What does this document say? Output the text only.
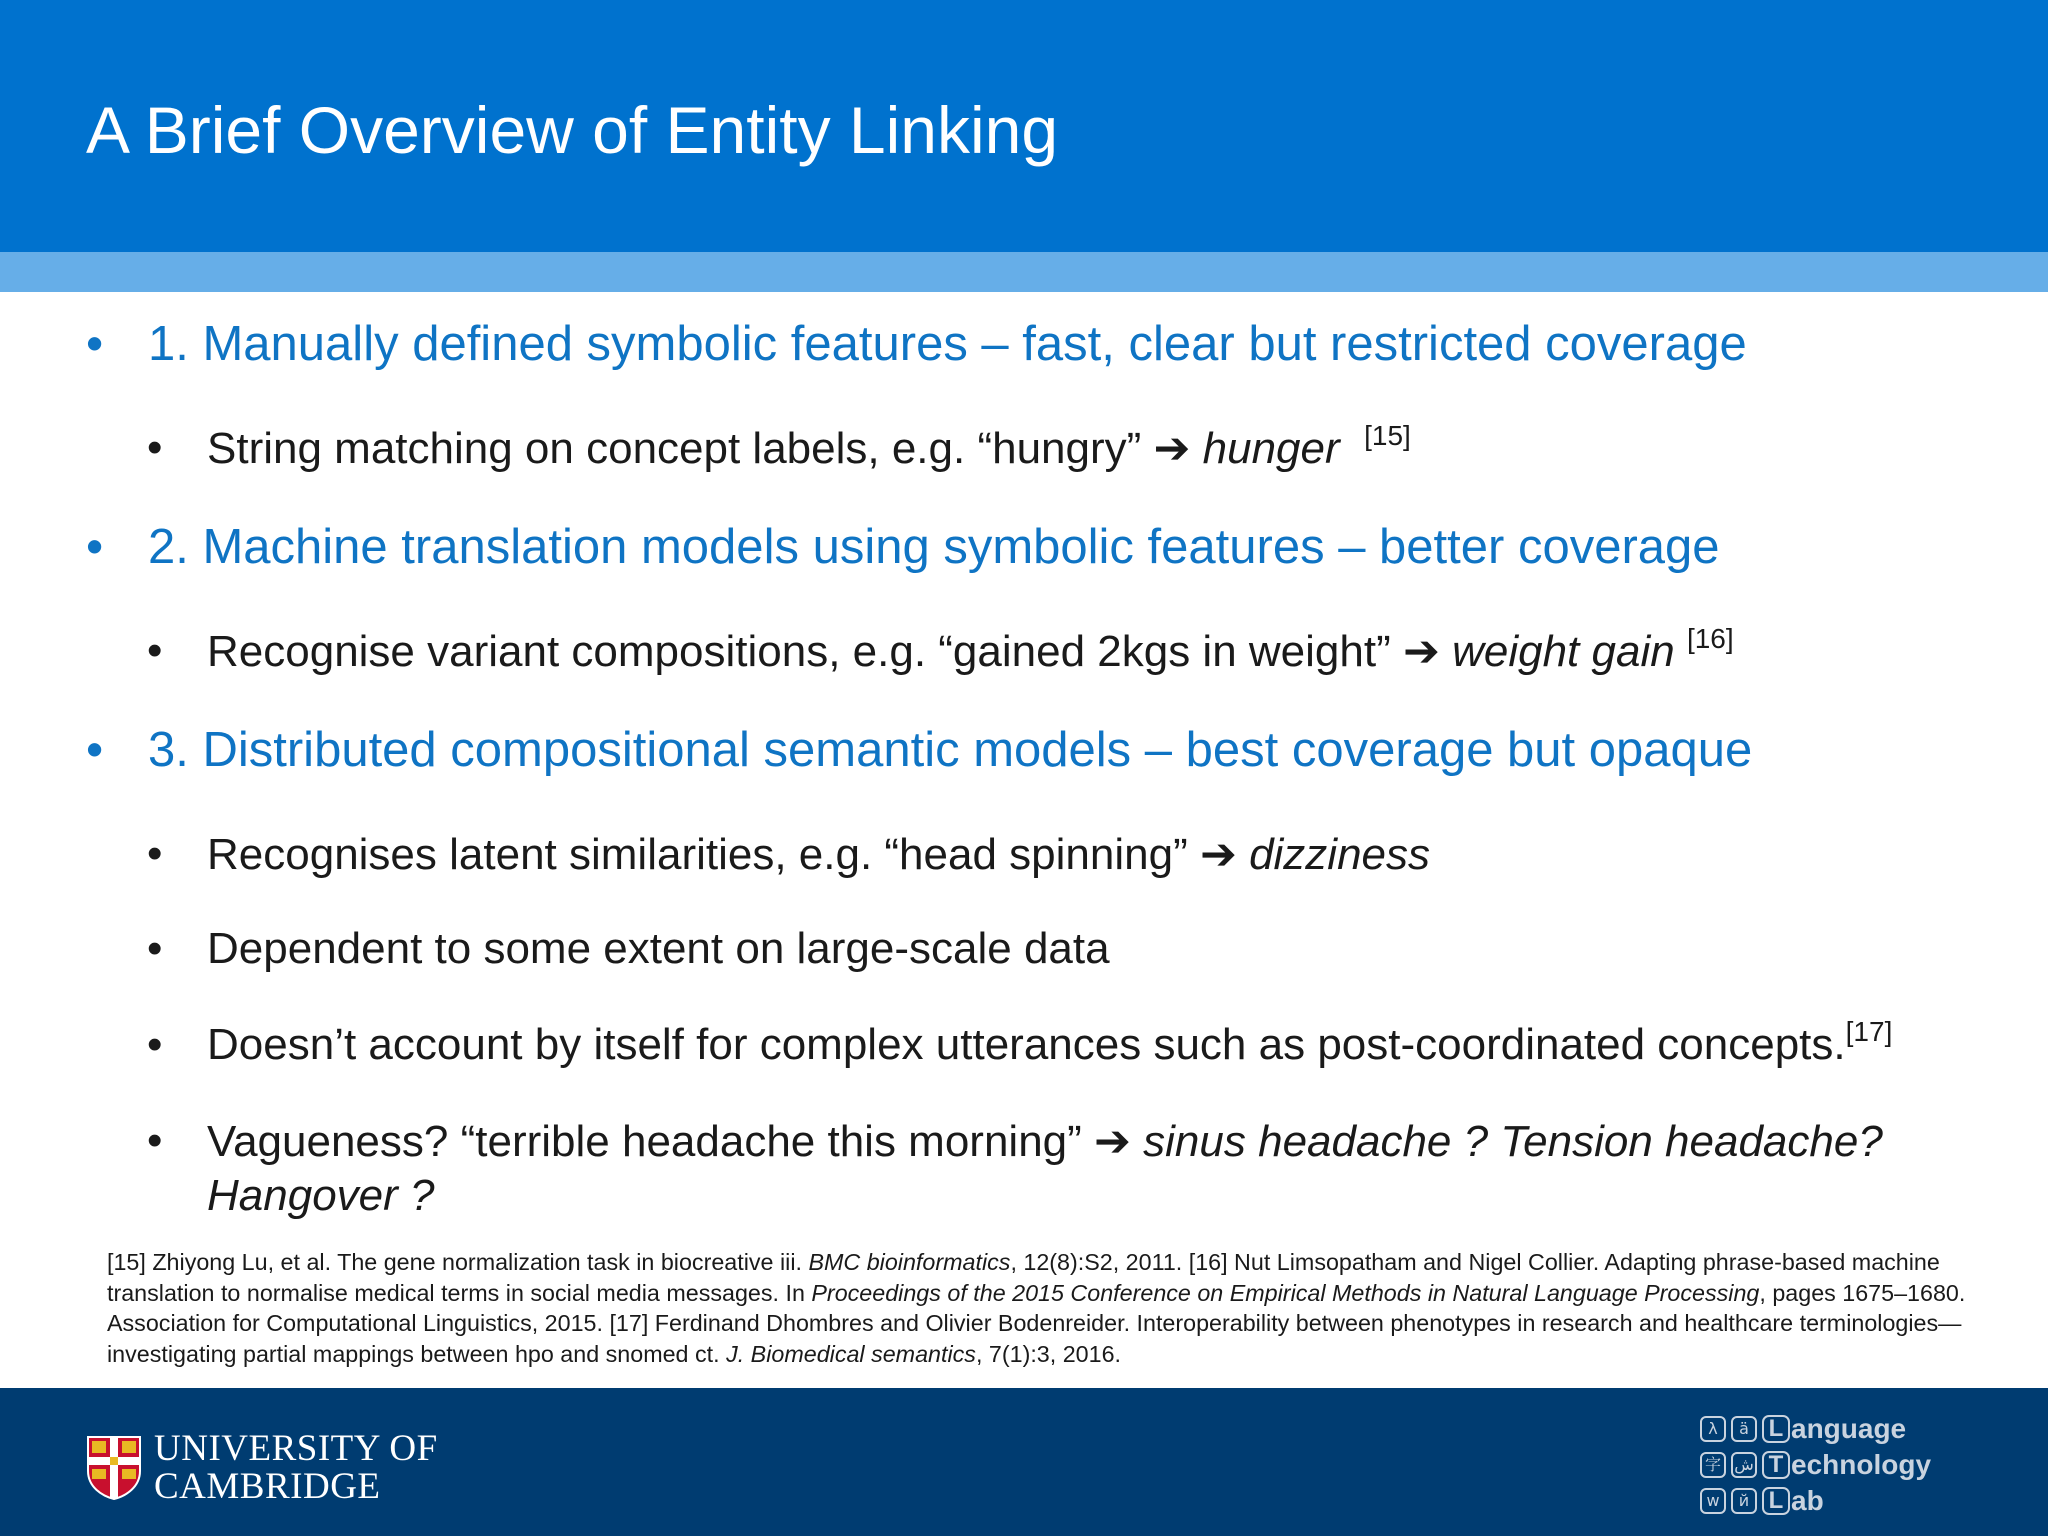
A Brief Overview of Entity Linking
• 1. Manually defined symbolic features – fast, clear but restricted coverage
• String matching on concept labels, e.g. “hungry” ➔ hunger [15]
• 2. Machine translation models using symbolic features – better coverage
• Recognise variant compositions, e.g. “gained 2kgs in weight” ➔ weight gain [16]
• 3. Distributed compositional semantic models – best coverage but opaque
• Recognises latent similarities, e.g. “head spinning” ➔ dizziness
• Dependent to some extent on large-scale data
• Doesn’t account by itself for complex utterances such as post-coordinated concepts.[17]
• Vagueness? “terrible headache this morning” ➔ sinus headache ? Tension headache?
Hangover ?
[15] Zhiyong Lu, et al. The gene normalization task in biocreative iii. BMC bioinformatics, 12(8):S2, 2011. [16] Nut Limsopatham and Nigel Collier. Adapting phrase-based machine translation to normalise medical terms in social media messages. In Proceedings of the 2015 Conference on Empirical Methods in Natural Language Processing, pages 1675–1680. Association for Computational Linguistics, 2015. [17] Ferdinand Dhombres and Olivier Bodenreider. Interoperability between phenotypes in research and healthcare terminologies—investigating partial mappings between hpo and snomed ct. J. Biomedical semantics, 7(1):3, 2016.
UNIVERSITY OF
CAMBRIDGE
λ	ä L anguage
字 ش T echnology
w	й L ab
